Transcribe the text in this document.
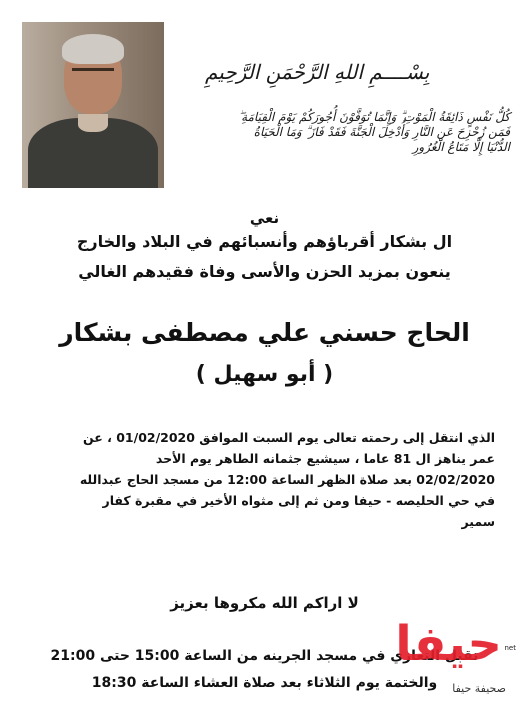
بِسْــــمِ اللهِ الرَّحْمَنِ الرَّحِيمِ
كُلُّ نَفْسٍ ذَائِقَةُ الْمَوْتِ ۗ وَإِنَّمَا تُوَفَّوْنَ أُجُورَكُمْ يَوْمَ الْقِيَامَةِ ۖ
فَمَن زُحْزِحَ عَنِ النَّارِ وَأُدْخِلَ الْجَنَّةَ فَقَدْ فَازَ ۗ وَمَا الْحَيَاةُ
الدُّنْيَا إِلَّا مَتَاعُ الْغُرُورِ
نعي
ال بشكار أقرباؤهم وأنسبائهم في البلاد والخارج
ينعون بمزيد الحزن والأسى وفاة فقيدهم الغالي
الحاج حسني علي مصطفى بشكار
( أبو سهيل )
الذي انتقل إلى رحمته تعالى يوم السبت الموافق 01/02/2020 ، عن
عمر يناهز ال 81 عاما ، سيشيع جثمانه الطاهر يوم الأحد
02/02/2020 بعد صلاة الظهر الساعة 12:00 من مسجد الحاج عبدالله
في حي الحليصه - حيفا ومن ثم إلى مثواه الأخير في مقبرة كفار
سمير
لا اراكم الله مكروها بعزيز
تقبل التعازي في مسجد الجرينه من الساعة 15:00 حتى 21:00
والختمة يوم الثلاثاء بعد صلاة العشاء الساعة 18:30
حيفا net
صحيفة حيفا
